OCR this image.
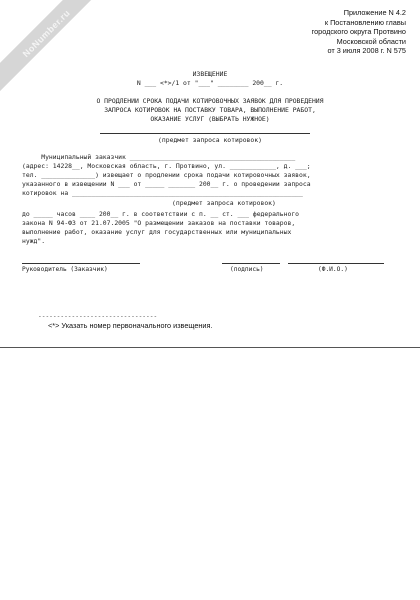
NoNumber.ru	Приложение N 4.2
к Постановлению главы
городского округа Протвино
Московской области
от 3 июля 2008 г. N 575
ИЗВЕЩЕНИЕ
N ___ <*>/1 от "___" ________ 200__ г.
О ПРОДЛЕНИИ СРОКА ПОДАЧИ КОТИРОВОЧНЫХ ЗАЯВОК ДЛЯ ПРОВЕДЕНИЯ
ЗАПРОСА КОТИРОВОК НА ПОСТАВКУ ТОВАРА, ВЫПОЛНЕНИЕ РАБОТ,
ОКАЗАНИЕ УСЛУГ (ВЫБРАТЬ НУЖНОЕ)
(предмет запроса котировок)
Муниципальный заказчик ___________________________________________
(адрес: 14228__, Московская область, г. Протвино, ул. ____________, д. ___;
тел. ______________) извещает о продлении срока подачи котировочных заявок,
указанного в извещении N ___ от _____ _______ 200__ г. о проведении запроса
котировок на ____________________________________________________________
(предмет запроса котировок)
до _____ часов ____ 200__ г. в соответствии с п. __ ст. ___ федерального
закона N 94-ФЗ от 21.07.2005 "О размещении заказов на поставки товаров,
выполнение работ, оказание услуг для государственных или муниципальных
нужд".
Руководитель (Заказчик)	(подпись)	(Ф.И.О.)
--------------------------------
<*> Указать номер первоначального извещения.
